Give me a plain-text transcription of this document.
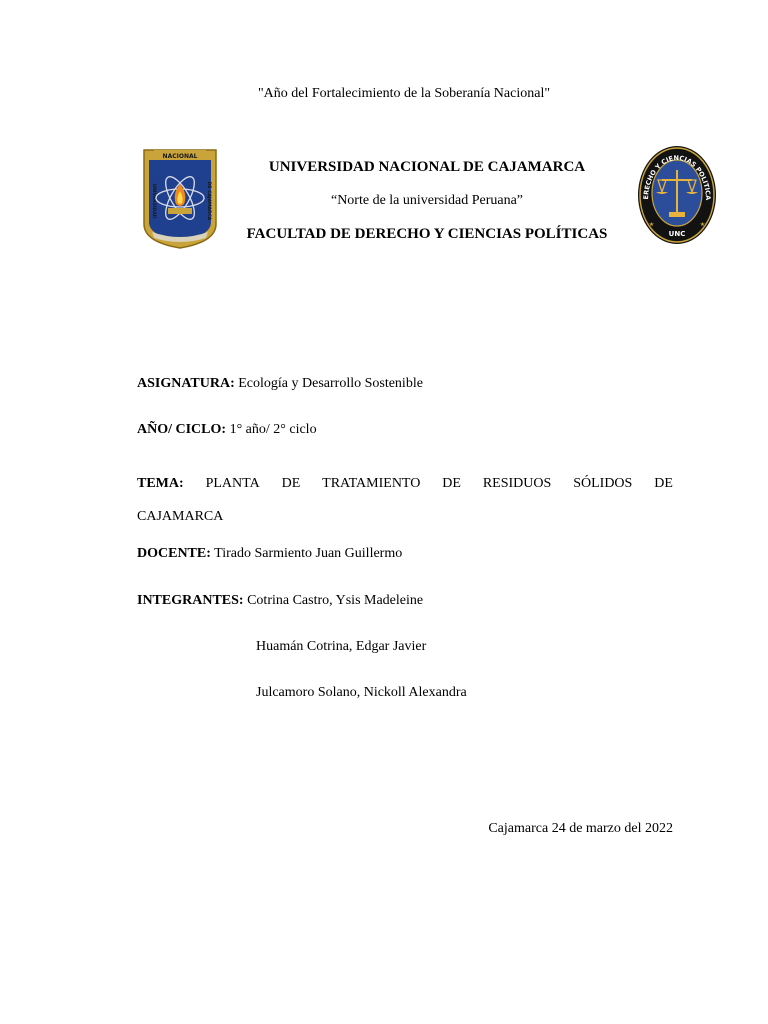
"Año del Fortalecimiento de la Soberanía Nacional"
NACIONAL
UNIVERSIDAD	DE CAJAMARCA
UNIVERSIDAD NACIONAL DE CAJAMARCA
“Norte de la universidad Peruana”
FACULTAD DE DERECHO Y CIENCIAS POLÍTICAS
ERECHO Y CIENCIAS POLITICA
UNC
ASIGNATURA: Ecología y Desarrollo Sostenible
AÑO/ CICLO: 1° año/ 2° ciclo
TEMA: PLANTA DE TRATAMIENTO DE RESIDUOS SÓLIDOS DE
CAJAMARCA
DOCENTE: Tirado Sarmiento Juan Guillermo
INTEGRANTES: Cotrina Castro, Ysis Madeleine
Huamán Cotrina, Edgar Javier
Julcamoro Solano, Nickoll Alexandra
Cajamarca 24 de marzo del 2022
